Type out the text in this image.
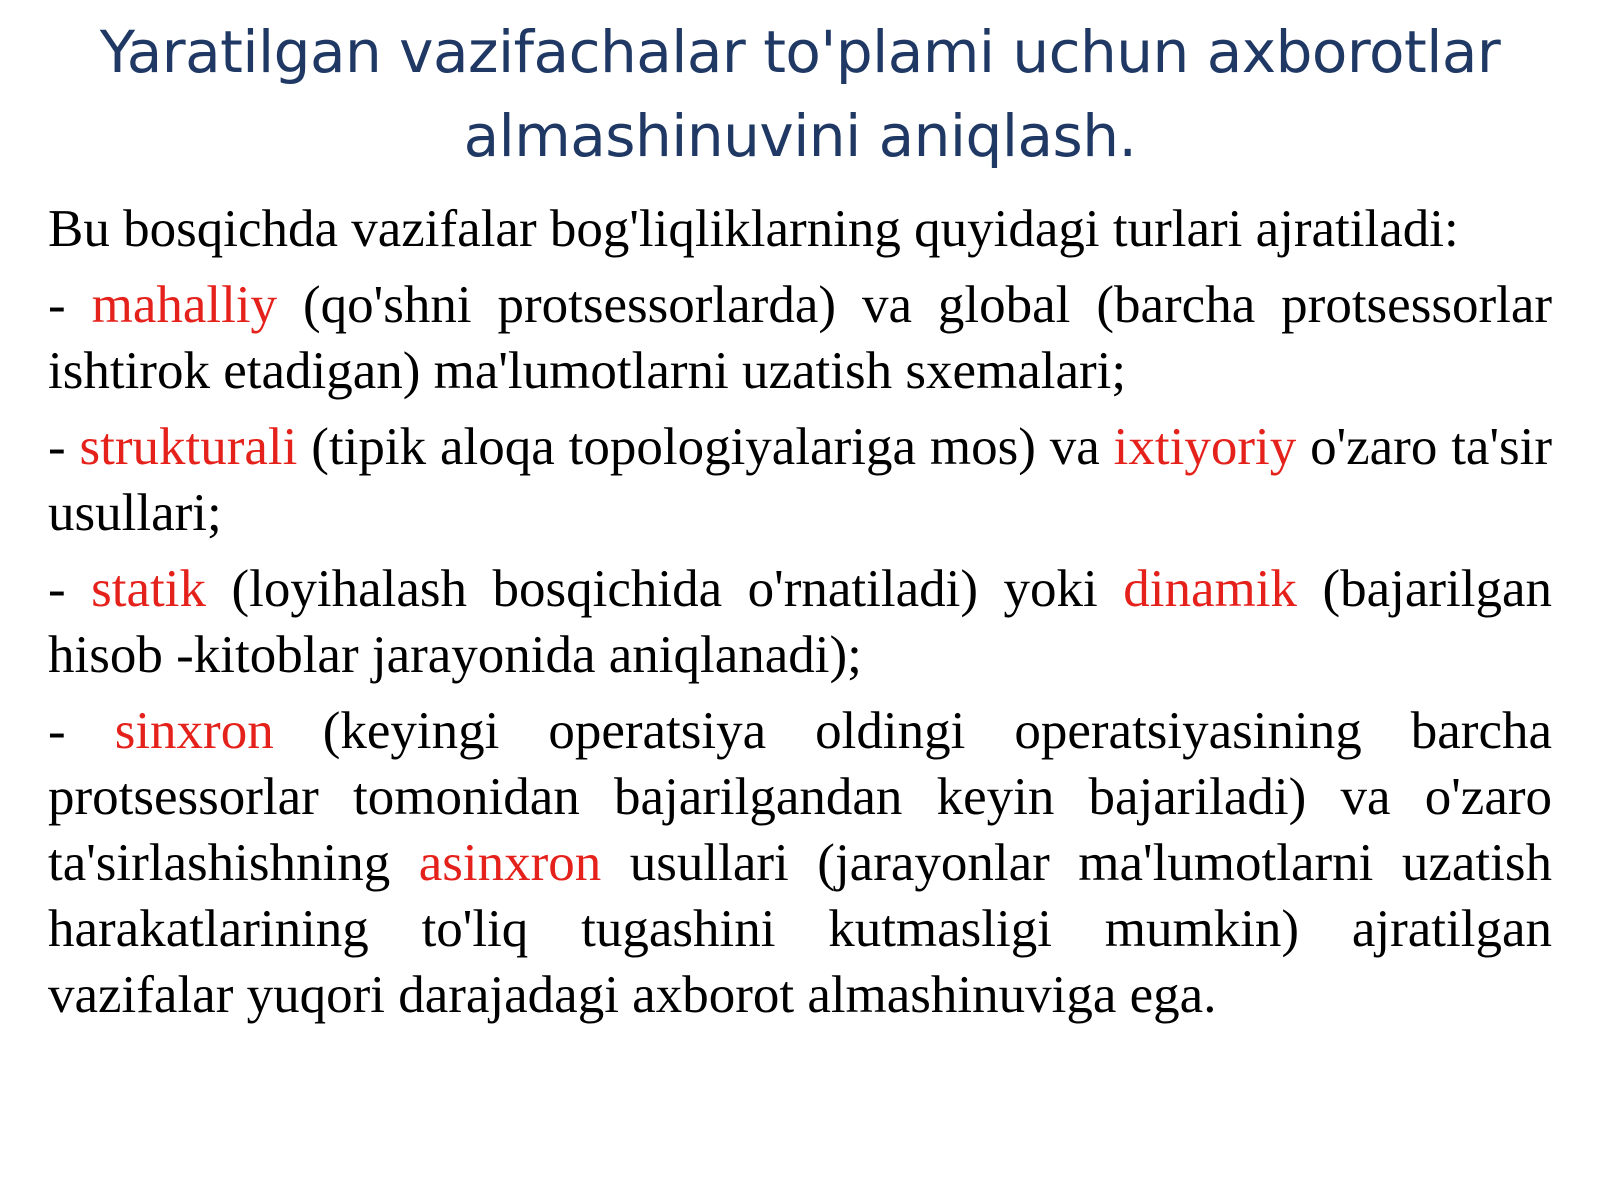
Yaratilgan vazifachalar to'plami uchun axborotlar
almashinuvini aniqlash.

Bu bosqichda vazifalar bog'liqliklarning quyidagi turlari ajratiladi:

- mahalliy (qo'shni protsessorlarda) va global (barcha protsessorlar ishtirok etadigan) ma'lumotlarni uzatish sxemalari;

- strukturali (tipik aloqa topologiyalariga mos) va ixtiyoriy o'zaro ta'sir usullari;

- statik (loyihalash bosqichida o'rnatiladi) yoki dinamik (bajarilgan hisob -kitoblar jarayonida aniqlanadi);

- sinxron (keyingi operatsiya oldingi operatsiyasining barcha protsessorlar tomonidan bajarilgandan keyin bajariladi) va o'zaro ta'sirlashishning asinxron usullari (jarayonlar ma'lumotlarni uzatish harakatlarining to'liq tugashini kutmasligi mumkin) ajratilgan vazifalar yuqori darajadagi axborot almashinuviga ega.
